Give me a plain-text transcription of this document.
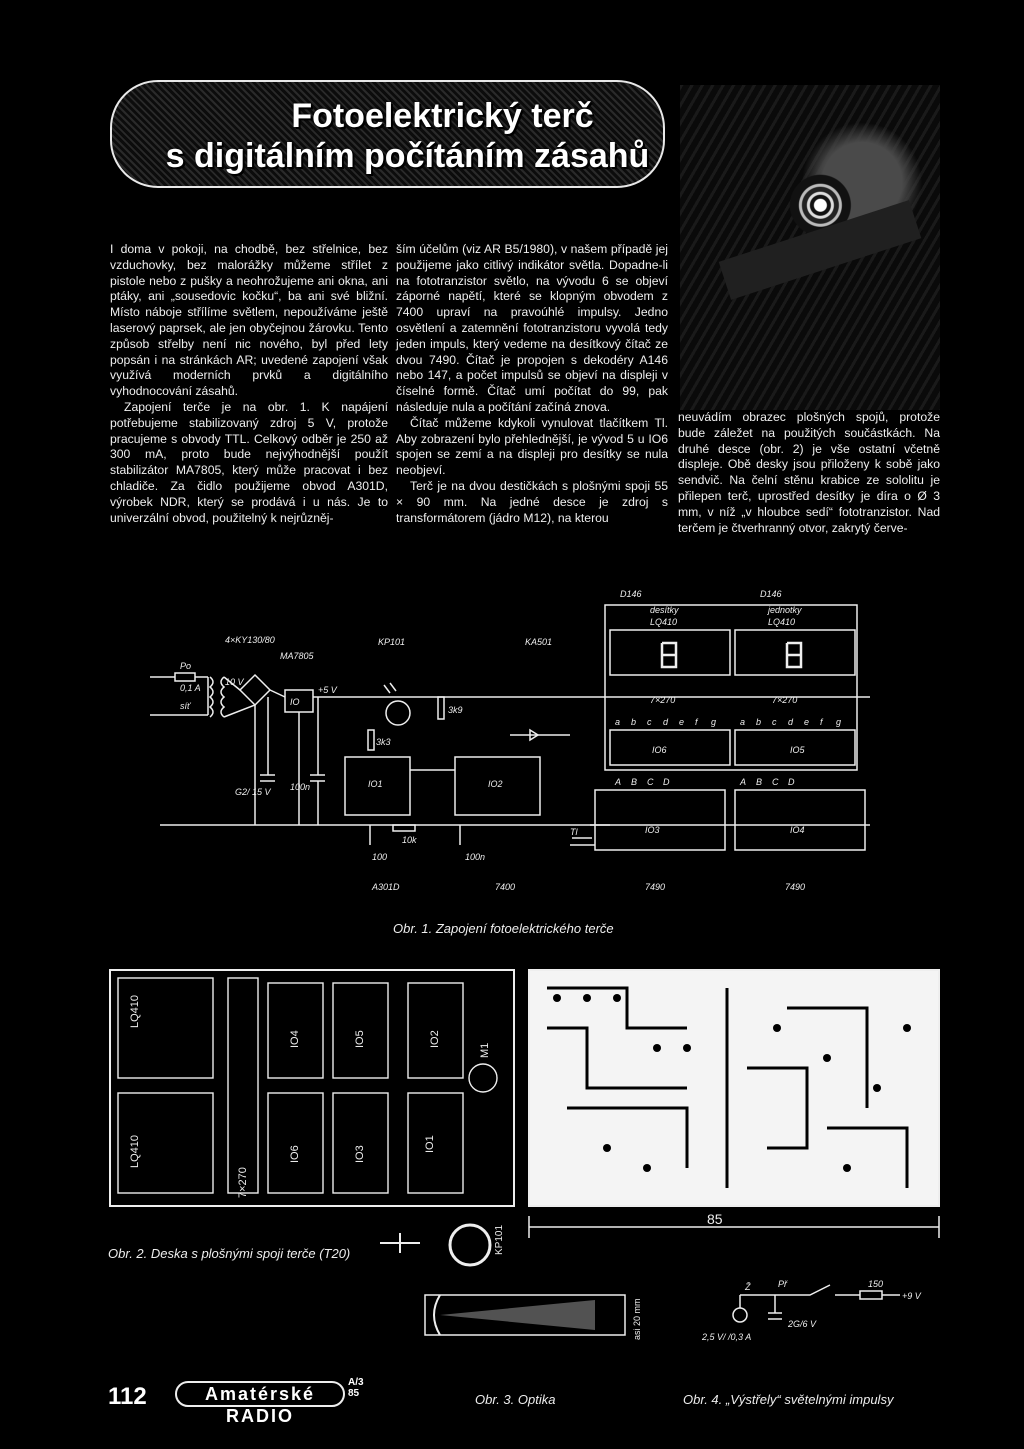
Fotoelektrický terč
s digitálním počítáním zásahů

I doma v pokoji, na chodbě, bez střelnice, bez vzduchovky, bez malorážky můžeme střílet z pistole nebo z pušky a neohrožujeme ani okna, ani ptáky, ani „sousedovic kočku“, ba ani své bližní. Místo náboje střílíme světlem, nepoužíváme ještě laserový paprsek, ale jen obyčejnou žárovku. Tento způsob střelby není nic nového, byl před lety popsán i na stránkách AR; uvedené zapojení však využívá moderních prvků a digitálního vyhodnocování zásahů.

Zapojení terče je na obr. 1. K napájení potřebujeme stabilizovaný zdroj 5 V, protože pracujeme s obvody TTL. Celkový odběr je 250 až 300 mA, proto bude nejvýhodnější použít stabilizátor MA7805, který může pracovat i bez chladiče. Za čidlo použijeme obvod A301D, výrobek NDR, který se prodává i u nás. Je to univerzální obvod, použitelný k nejrůzněj-

ším účelům (viz AR B5/1980), v našem případě jej použijeme jako citlivý indikátor světla. Dopadne-li na fototranzistor světlo, na vývodu 6 se objeví záporné napětí, které se klopným obvodem z 7400 upraví na pravoúhlé impulsy. Jedno osvětlení a zatemnění fototranzistoru vyvolá tedy jeden impuls, který vedeme na desítkový čítač ze dvou 7490. Čítač je propojen s dekodéry A146 nebo 147, a počet impulsů se objeví na displeji v číselné formě. Čítač umí počítat do 99, pak následuje nula a počítání začíná znova.

Čítač můžeme kdykoli vynulovat tlačítkem Tl. Aby zobrazení bylo přehlednější, je vývod 5 u IO6 spojen se zemí a na displeji pro desítky se nula neobjeví.

Terč je na dvou destičkách s plošnými spoji 55 × 90 mm. Na jedné desce je zdroj s transformátorem (jádro M12), na kterou

neuvádím obrazec plošných spojů, protože bude záležet na použitých součástkách. Na druhé desce (obr. 2) je vše ostatní včetně displeje. Obě desky jsou přiloženy k sobě jako sendvič. Na čelní stěnu krabice ze sololitu je přilepen terč, uprostřed desítky je díra o Ø 3 mm, v níž „v hloubce sedí“ fototranzistor. Nad terčem je čtverhranný otvor, zakrytý červe-

4×KY130/80
MA7805
KP101	KA501
Po
0,1 A
síť
10 V
IO
+5 V
G2/ 15 V 100n
3k3
3k9
10k
100	100n
IO1	IO2
IO3	IO4
IO5
IO6
D146	D146
desítky
LQ410
jednotky
LQ410
7×270	7×270
Tl
A301D	7400	7490	7490
a b c d e f g
A B C D
a b c d e f g
A B C D
Obr. 1. Zapojení fotoelektrického terče
LQ410
LQ410
7×270
IO4	IO5
IO6	IO3
IO1
IO2
M1
85
Obr. 2. Deska s plošnými spoji terče (T20)	KP101
asi 20 mm
Př	150
+9 V
2,5 V/ /0,3 A
2G/6 V
Ž
112	Amatérské RADIO
A/3
85	Obr. 3. Optika	Obr. 4. „Výstřely“ světelnými impulsy
